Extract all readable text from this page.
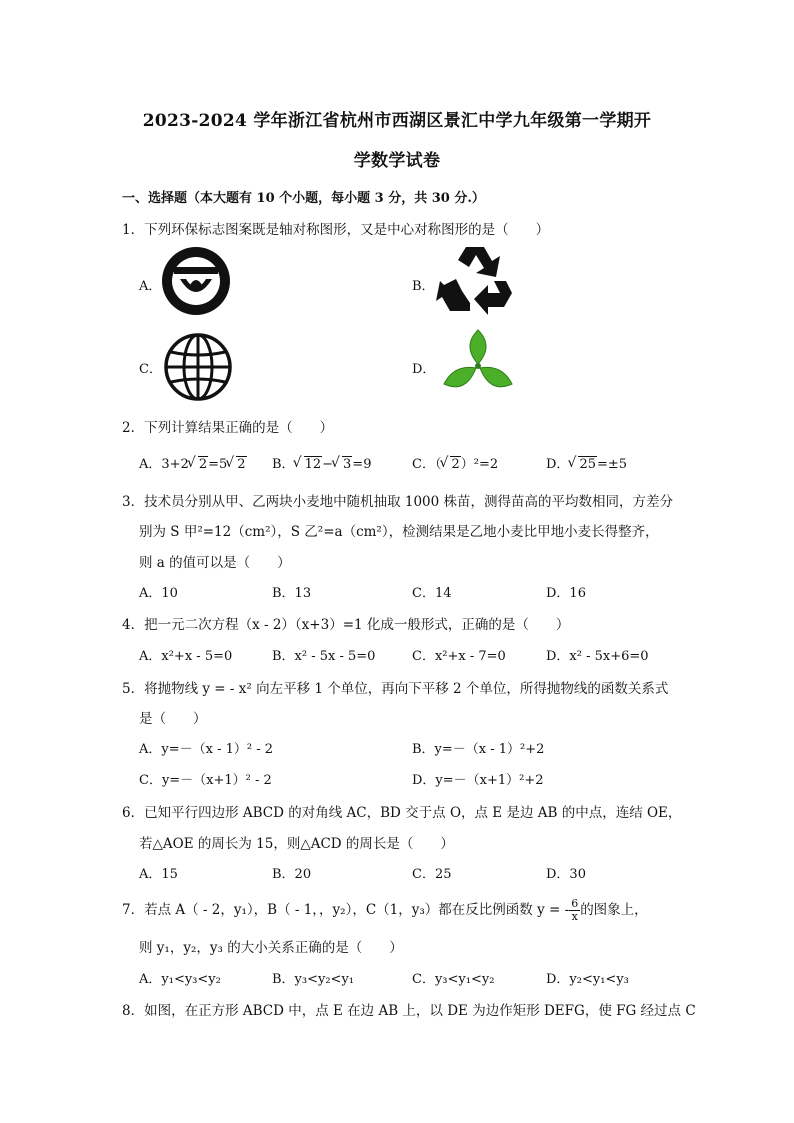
2023-2024 学年浙江省杭州市西湖区景汇中学九年级第一学期开
学数学试卷
一、选择题（本大题有 10 个小题，每小题 3 分，共 30 分.）
1．下列环保标志图案既是轴对称图形，又是中心对称图形的是（　　）
A．	B．
C．	D．
2．下列计算结果正确的是（　　）
A．3+2 √ 2=5 √ 2 B． √ 12− √ 3=9	C．（ √ 2）²=2	D． √ 25=±5
3．技术员分别从甲、乙两块小麦地中随机抽取 1000 株苗，测得苗高的平均数相同，方差分
别为 S 甲²=12（cm²），S 乙²=a（cm²），检测结果是乙地小麦比甲地小麦长得整齐，
则 a 的值可以是（　　）
A．10	B．13	C．14	D．16
4．把一元二次方程（x - 2）（x+3）=1 化成一般形式，正确的是（　　）
A．x²+x - 5=0	B．x² - 5x - 5=0	C．x²+x - 7=0	D．x² - 5x+6=0
5．将抛物线 y = - x² 向左平移 1 个单位，再向下平移 2 个单位，所得抛物线的函数关系式
是（　　）
A．y=－（x - 1）² - 2	B．y=－（x - 1）²+2
C．y=－（x+1）² - 2	D．y=－（x+1）²+2
6．已知平行四边形 ABCD 的对角线 AC，BD 交于点 O，点 E 是边 AB 的中点，连结 OE，
若△AOE 的周长为 15，则△ACD 的周长是（　　）
A．15	B．20	C．25	D．30
7．若点 A（ - 2，y₁），B（ - 1，，y₂），C（1，y₃）都在反比例函数 y = - $\frac{6}{x}$ 的图象上，
则 y₁，y₂，y₃ 的大小关系正确的是（　　）
A．y₁<y₃<y₂	B．y₃<y₂<y₁	C．y₃<y₁<y₂	D．y₂<y₁<y₃
8．如图，在正方形 ABCD 中，点 E 在边 AB 上，以 DE 为边作矩形 DEFG，使 FG 经过点 C
